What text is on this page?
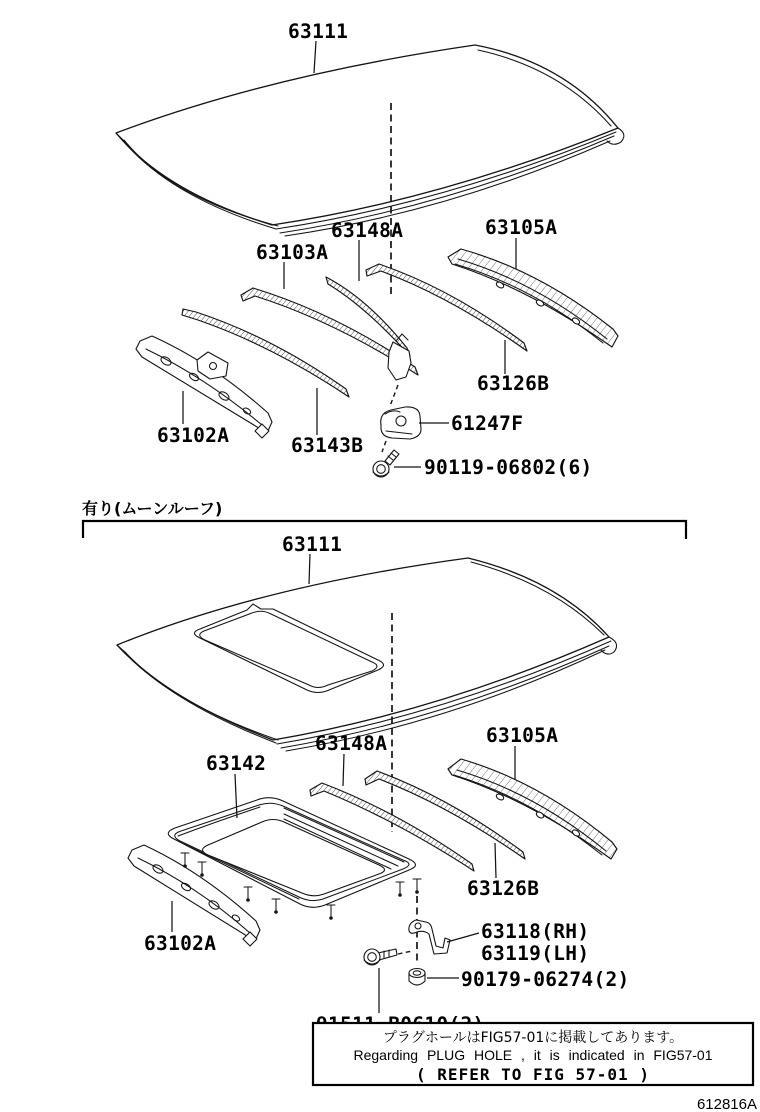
63111
63103A
63148A	63105A
63126B
63102A	63143B
61247F
90119-06802(6)
有り(ムーンルーフ)
63111
63142
63148A	63105A
63126B
63102A
63118(RH)
63119(LH)
90179-06274(2)
プラグホールはFIG57-01に掲載してあります。
Regarding PLUG HOLE , it is indicated in FIG57-01
( REFER TO FIG 57-01 )
612816A
